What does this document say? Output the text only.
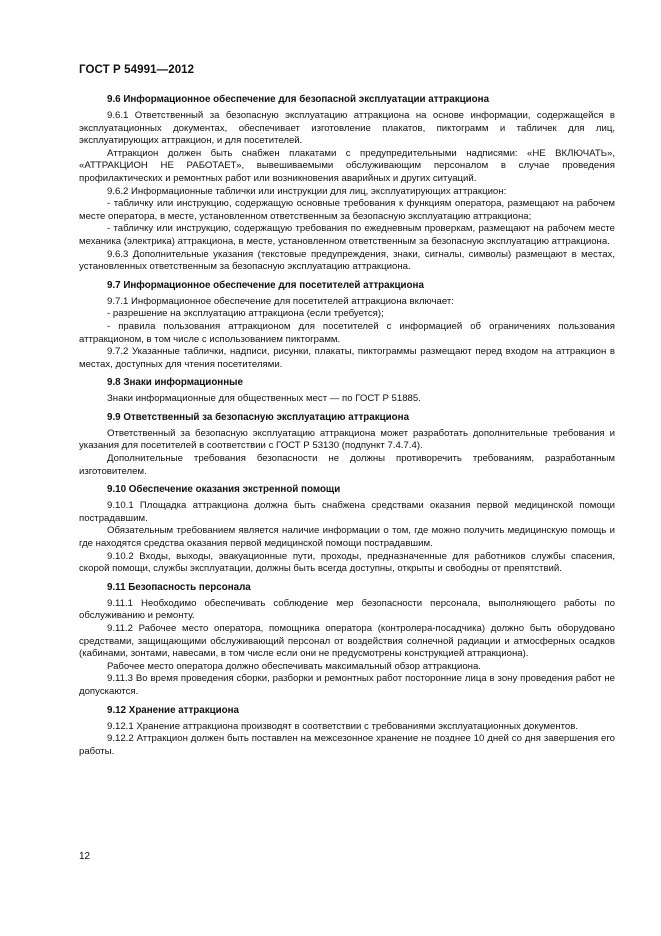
ГОСТ Р 54991—2012
9.6 Информационное обеспечение для безопасной эксплуатации аттракциона

9.6.1 Ответственный за безопасную эксплуатацию аттракциона на основе информации, содержащейся в эксплуатационных документах, обеспечивает изготовление плакатов, пиктограмм и табличек для лиц, эксплуатирующих аттракцион, и для посетителей.

Аттракцион должен быть снабжен плакатами с предупредительными надписями: «НЕ ВКЛЮЧАТЬ», «АТТРАКЦИОН НЕ РАБОТАЕТ», вывешиваемыми обслуживающим персоналом в случае проведения профилактических и ремонтных работ или возникновения аварийных и других ситуаций.

9.6.2 Информационные таблички или инструкции для лиц, эксплуатирующих аттракцион:

- табличку или инструкцию, содержащую основные требования к функциям оператора, размещают на рабочем месте оператора, в месте, установленном ответственным за безопасную эксплуатацию аттракциона;

- табличку или инструкцию, содержащую требования по ежедневным проверкам, размещают на рабочем месте механика (электрика) аттракциона, в месте, установленном ответственным за безопасную эксплуатацию аттракциона.

9.6.3 Дополнительные указания (текстовые предупреждения, знаки, сигналы, символы) размещают в местах, установленных ответственным за безопасную эксплуатацию аттракциона.

9.7 Информационное обеспечение для посетителей аттракциона

9.7.1 Информационное обеспечение для посетителей аттракциона включает:

- разрешение на эксплуатацию аттракциона (если требуется);

- правила пользования аттракционом для посетителей с информацией об ограничениях пользования аттракционом, в том числе с использованием пиктограмм.

9.7.2 Указанные таблички, надписи, рисунки, плакаты, пиктограммы размещают перед входом на аттракцион в местах, доступных для чтения посетителями.

9.8 Знаки информационные

Знаки информационные для общественных мест — по ГОСТ Р 51885.

9.9 Ответственный за безопасную эксплуатацию аттракциона

Ответственный за безопасную эксплуатацию аттракциона может разработать дополнительные требования и указания для посетителей в соответствии с ГОСТ Р 53130 (подпункт 7.4.7.4).

Дополнительные требования безопасности не должны противоречить требованиям, разработанным изготовителем.

9.10 Обеспечение оказания экстренной помощи

9.10.1 Площадка аттракциона должна быть снабжена средствами оказания первой медицинской помощи пострадавшим.

Обязательным требованием является наличие информации о том, где можно получить медицинскую помощь и где находятся средства оказания первой медицинской помощи пострадавшим.

9.10.2 Входы, выходы, эвакуационные пути, проходы, предназначенные для работников службы спасения, скорой помощи, службы эксплуатации, должны быть всегда доступны, открыты и свободны от препятствий.

9.11 Безопасность персонала

9.11.1 Необходимо обеспечивать соблюдение мер безопасности персонала, выполняющего работы по обслуживанию и ремонту.

9.11.2 Рабочее место оператора, помощника оператора (контролера-посадчика) должно быть оборудовано средствами, защищающими обслуживающий персонал от воздействия солнечной радиации и атмосферных осадков (кабинами, зонтами, навесами, в том числе если они не предусмотрены конструкцией аттракциона).

Рабочее место оператора должно обеспечивать максимальный обзор аттракциона.

9.11.3 Во время проведения сборки, разборки и ремонтных работ посторонние лица в зону проведения работ не допускаются.

9.12 Хранение аттракциона

9.12.1 Хранение аттракциона производят в соответствии с требованиями эксплуатационных документов.

9.12.2 Аттракцион должен быть поставлен на межсезонное хранение не позднее 10 дней со дня завершения его работы.

12
